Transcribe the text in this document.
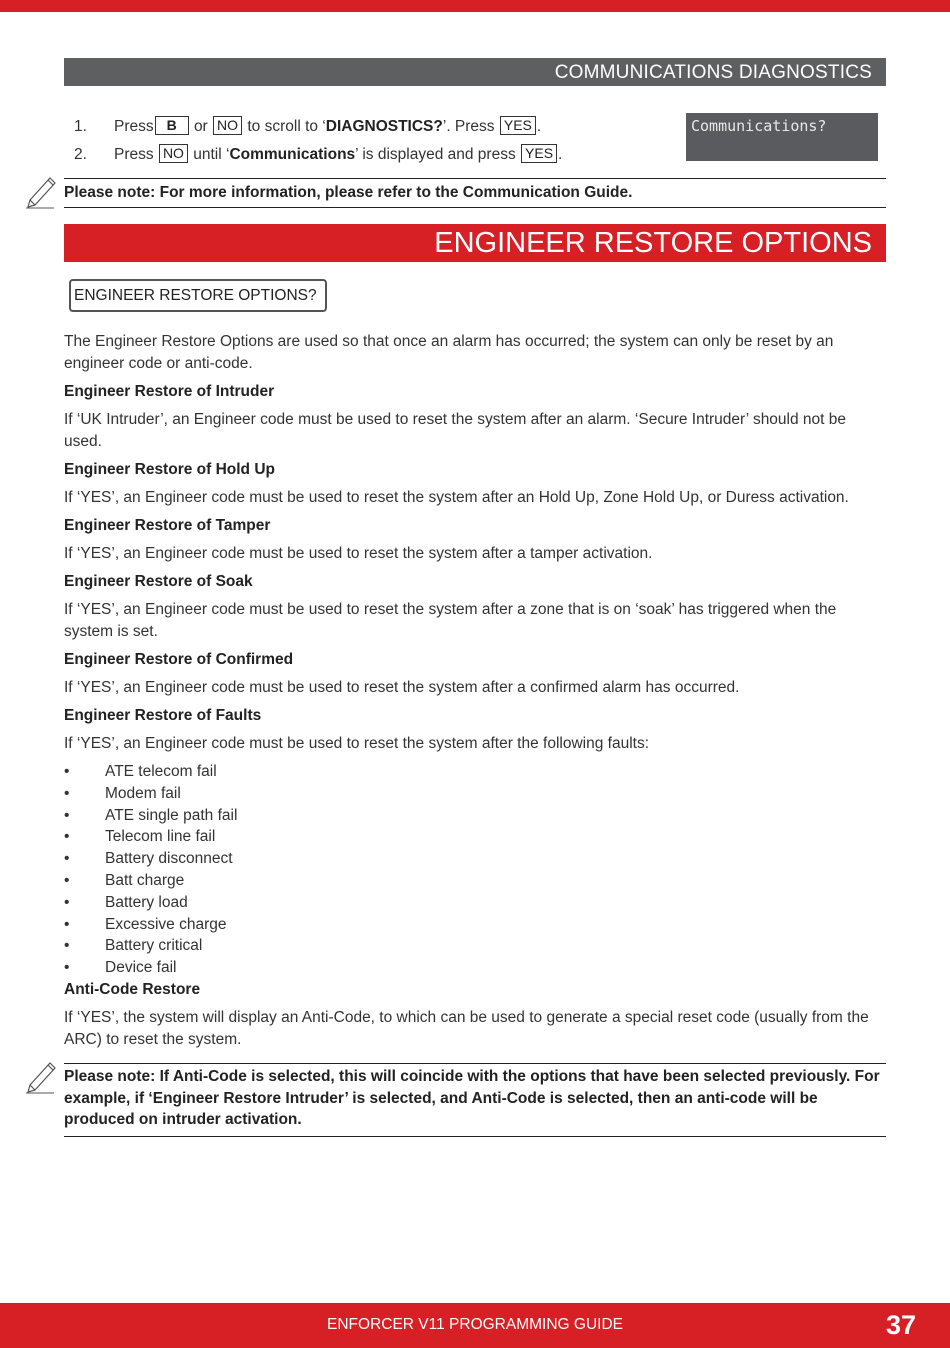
COMMUNICATIONS DIAGNOSTICS
1. Press B or NO to scroll to ‘DIAGNOSTICS?’. Press YES .
2. Press NO until ‘Communications’ is displayed and press YES .
Communications?
Please note: For more information, please refer to the Communication Guide.
ENGINEER RESTORE OPTIONS
ENGINEER RESTORE OPTIONS?

The Engineer Restore Options are used so that once an alarm has occurred; the system can only be reset by an engineer code or anti-code.

Engineer Restore of Intruder

If ‘UK Intruder’, an Engineer code must be used to reset the system after an alarm. ‘Secure Intruder’ should not be used.

Engineer Restore of Hold Up

If ‘YES’, an Engineer code must be used to reset the system after an Hold Up, Zone Hold Up, or Duress activation.

Engineer Restore of Tamper

If ‘YES’, an Engineer code must be used to reset the system after a tamper activation.

Engineer Restore of Soak

If ‘YES’, an Engineer code must be used to reset the system after a zone that is on ‘soak’ has triggered when the system is set.

Engineer Restore of Confirmed

If ‘YES’, an Engineer code must be used to reset the system after a confirmed alarm has occurred.

Engineer Restore of Faults

If ‘YES’, an Engineer code must be used to reset the system after the following faults:

• ATE telecom fail
• Modem fail
• ATE single path fail
• Telecom line fail
• Battery disconnect
• Batt charge
• Battery load
• Excessive charge
• Battery critical
• Device fail
Anti-Code Restore

If ‘YES’, the system will display an Anti-Code, to which can be used to generate a special reset code (usually from the ARC) to reset the system.

Please note: If Anti-Code is selected, this will coincide with the options that have been selected previously. For example, if ‘Engineer Restore Intruder’ is selected, and Anti-Code is selected, then an anti-code will be produced on intruder activation.
ENFORCER V11 PROGRAMMING GUIDE	37
